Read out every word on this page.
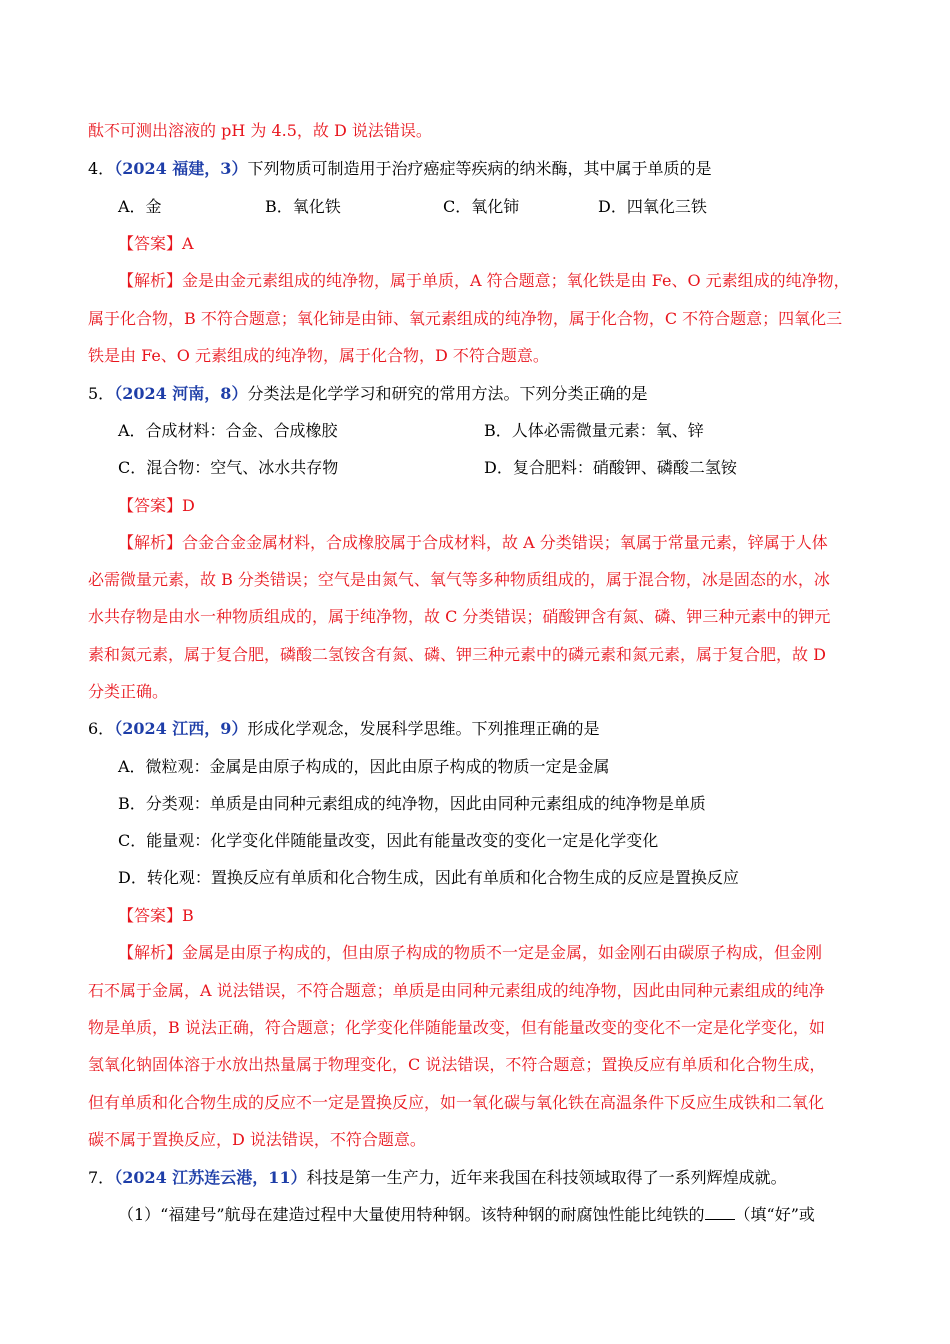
酞不可测出溶液的 pH 为 4.5，故 D 说法错误。
4．（2024 福建，3）下列物质可制造用于治疗癌症等疾病的纳米酶，其中属于单质的是
A．金	B．氧化铁	C．氧化铈	D．四氧化三铁
【答案】A
【解析】金是由金元素组成的纯净物，属于单质，A 符合题意；氧化铁是由 Fe、O 元素组成的纯净物，
属于化合物，B 不符合题意；氧化铈是由铈、氧元素组成的纯净物，属于化合物，C 不符合题意；四氧化三
铁是由 Fe、O 元素组成的纯净物，属于化合物，D 不符合题意。
5．（2024 河南，8）分类法是化学学习和研究的常用方法。下列分类正确的是
A．合成材料：合金、合成橡胶	B．人体必需微量元素：氧、锌
C．混合物：空气、冰水共存物	D．复合肥料：硝酸钾、磷酸二氢铵
【答案】D
【解析】合金合金金属材料，合成橡胶属于合成材料，故 A 分类错误；氧属于常量元素，锌属于人体
必需微量元素，故 B 分类错误；空气是由氮气、氧气等多种物质组成的，属于混合物，冰是固态的水，冰
水共存物是由水一种物质组成的，属于纯净物，故 C 分类错误；硝酸钾含有氮、磷、钾三种元素中的钾元
素和氮元素，属于复合肥，磷酸二氢铵含有氮、磷、钾三种元素中的磷元素和氮元素，属于复合肥，故 D
分类正确。
6．（2024 江西，9）形成化学观念，发展科学思维。下列推理正确的是
A．微粒观：金属是由原子构成的，因此由原子构成的物质一定是金属
B．分类观：单质是由同种元素组成的纯净物，因此由同种元素组成的纯净物是单质
C．能量观：化学变化伴随能量改变，因此有能量改变的变化一定是化学变化
D．转化观：置换反应有单质和化合物生成，因此有单质和化合物生成的反应是置换反应
【答案】B
【解析】金属是由原子构成的，但由原子构成的物质不一定是金属，如金刚石由碳原子构成，但金刚
石不属于金属，A 说法错误，不符合题意；单质是由同种元素组成的纯净物，因此由同种元素组成的纯净
物是单质，B 说法正确，符合题意；化学变化伴随能量改变，但有能量改变的变化不一定是化学变化，如
氢氧化钠固体溶于水放出热量属于物理变化，C 说法错误，不符合题意；置换反应有单质和化合物生成，
但有单质和化合物生成的反应不一定是置换反应，如一氧化碳与氧化铁在高温条件下反应生成铁和二氧化
碳不属于置换反应，D 说法错误，不符合题意。
7．（2024 江苏连云港，11）科技是第一生产力，近年来我国在科技领域取得了一系列辉煌成就。
（1）“福建号”航母在建造过程中大量使用特种钢。该特种钢的耐腐蚀性能比纯铁的 （填“好”或
